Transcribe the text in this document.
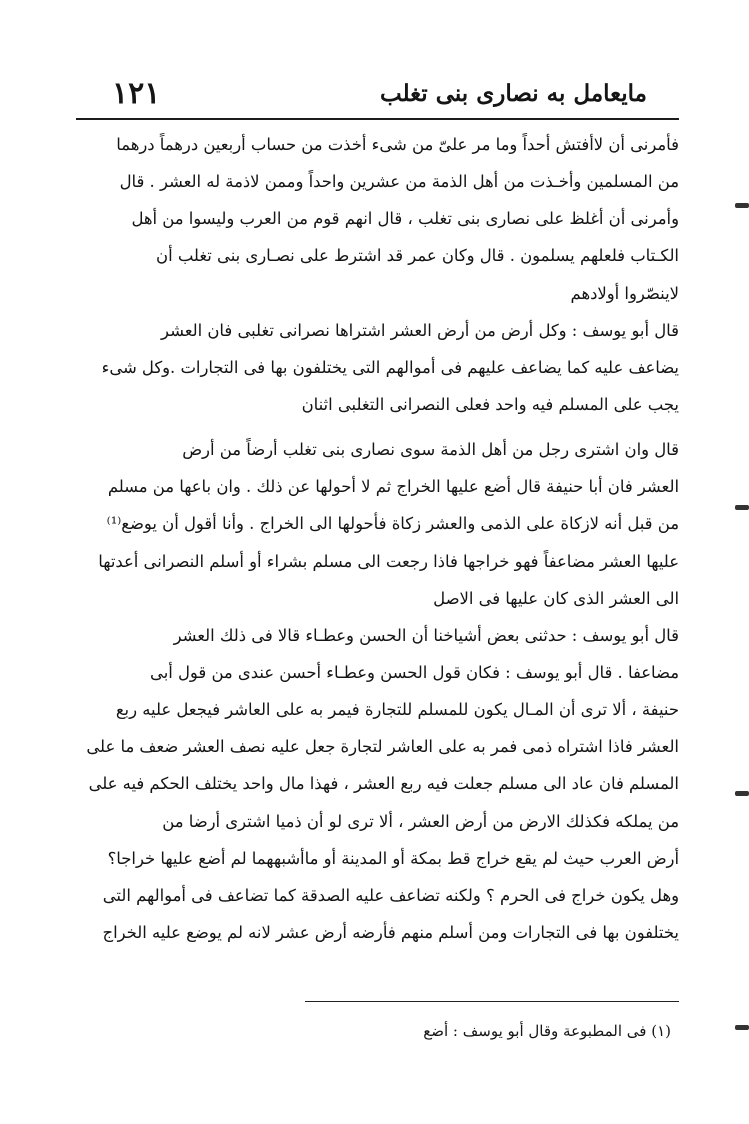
مايعامل به نصارى بنى تغلب
١٢١
فأمرنى أن لاأفتش أحداً وما مر علىّ من شىء أخذت من حساب أربعين درهماً درهما
من المسلمين وأخـذت من أهل الذمة من عشرين واحداً وممن لاذمة له العشر . قال
وأمرنى أن أغلظ على نصارى بنى تغلب ، قال انهم قوم من العرب وليسوا من أهل
الكـتاب فلعلهم يسلمون . قال وكان عمر قد اشترط على نصـارى بنى تغلب أن
لاينصّروا أولادهم
قال أبو يوسف : وكل أرض من أرض العشر اشتراها نصرانى تغلبى فان العشر
يضاعف عليه كما يضاعف عليهم فى أموالهم التى يختلفون بها فى التجارات .وكل شىء
يجب على المسلم فيه واحد فعلى النصرانى التغلبى اثنان
قال وان اشترى رجل من أهل الذمة سوى نصارى بنى تغلب أرضاً من أرض
العشر فان أبا حنيفة قال أضع عليها الخراج ثم لا أحولها عن ذلك . وان باعها من مسلم
من قبل أنه لازكاة على الذمى والعشر زكاة فأحولها الى الخراج . وأنا أقول أن يوضع⁽¹⁾
عليها العشر مضاعفاً فهو خراجها فاذا رجعت الى مسلم بشراء أو أسلم النصرانى أعدتها
الى العشر الذى كان عليها فى الاصل
قال أبو يوسف : حدثنى بعض أشياخنا أن الحسن وعطـاء قالا فى ذلك العشر
مضاعفا . قال أبو يوسف : فكان قول الحسن وعطـاء أحسن عندى من قول أبى
حنيفة ، ألا ترى أن المـال يكون للمسلم للتجارة فيمر به على العاشر فيجعل عليه ربع
العشر فاذا اشتراه ذمى فمر به على العاشر لتجارة جعل عليه نصف العشر ضعف ما على
المسلم فان عاد الى مسلم جعلت فيه ربع العشر ، فهذا مال واحد يختلف الحكم فيه على
من يملكه فكذلك الارض من أرض العشر ، ألا ترى لو أن ذميا اشترى أرضا من
أرض العرب حيث لم يقع خراج قط بمكة أو المدينة أو ماأشبههما لم أضع عليها خراجا؟
وهل يكون خراج فى الحرم ؟ ولكنه تضاعف عليه الصدقة كما تضاعف فى أموالهم التى
يختلفون بها فى التجارات ومن أسلم منهم فأرضه أرض عشر لانه لم يوضع عليه الخراج
(١) فى المطبوعة وقال أبو يوسف : أضع
